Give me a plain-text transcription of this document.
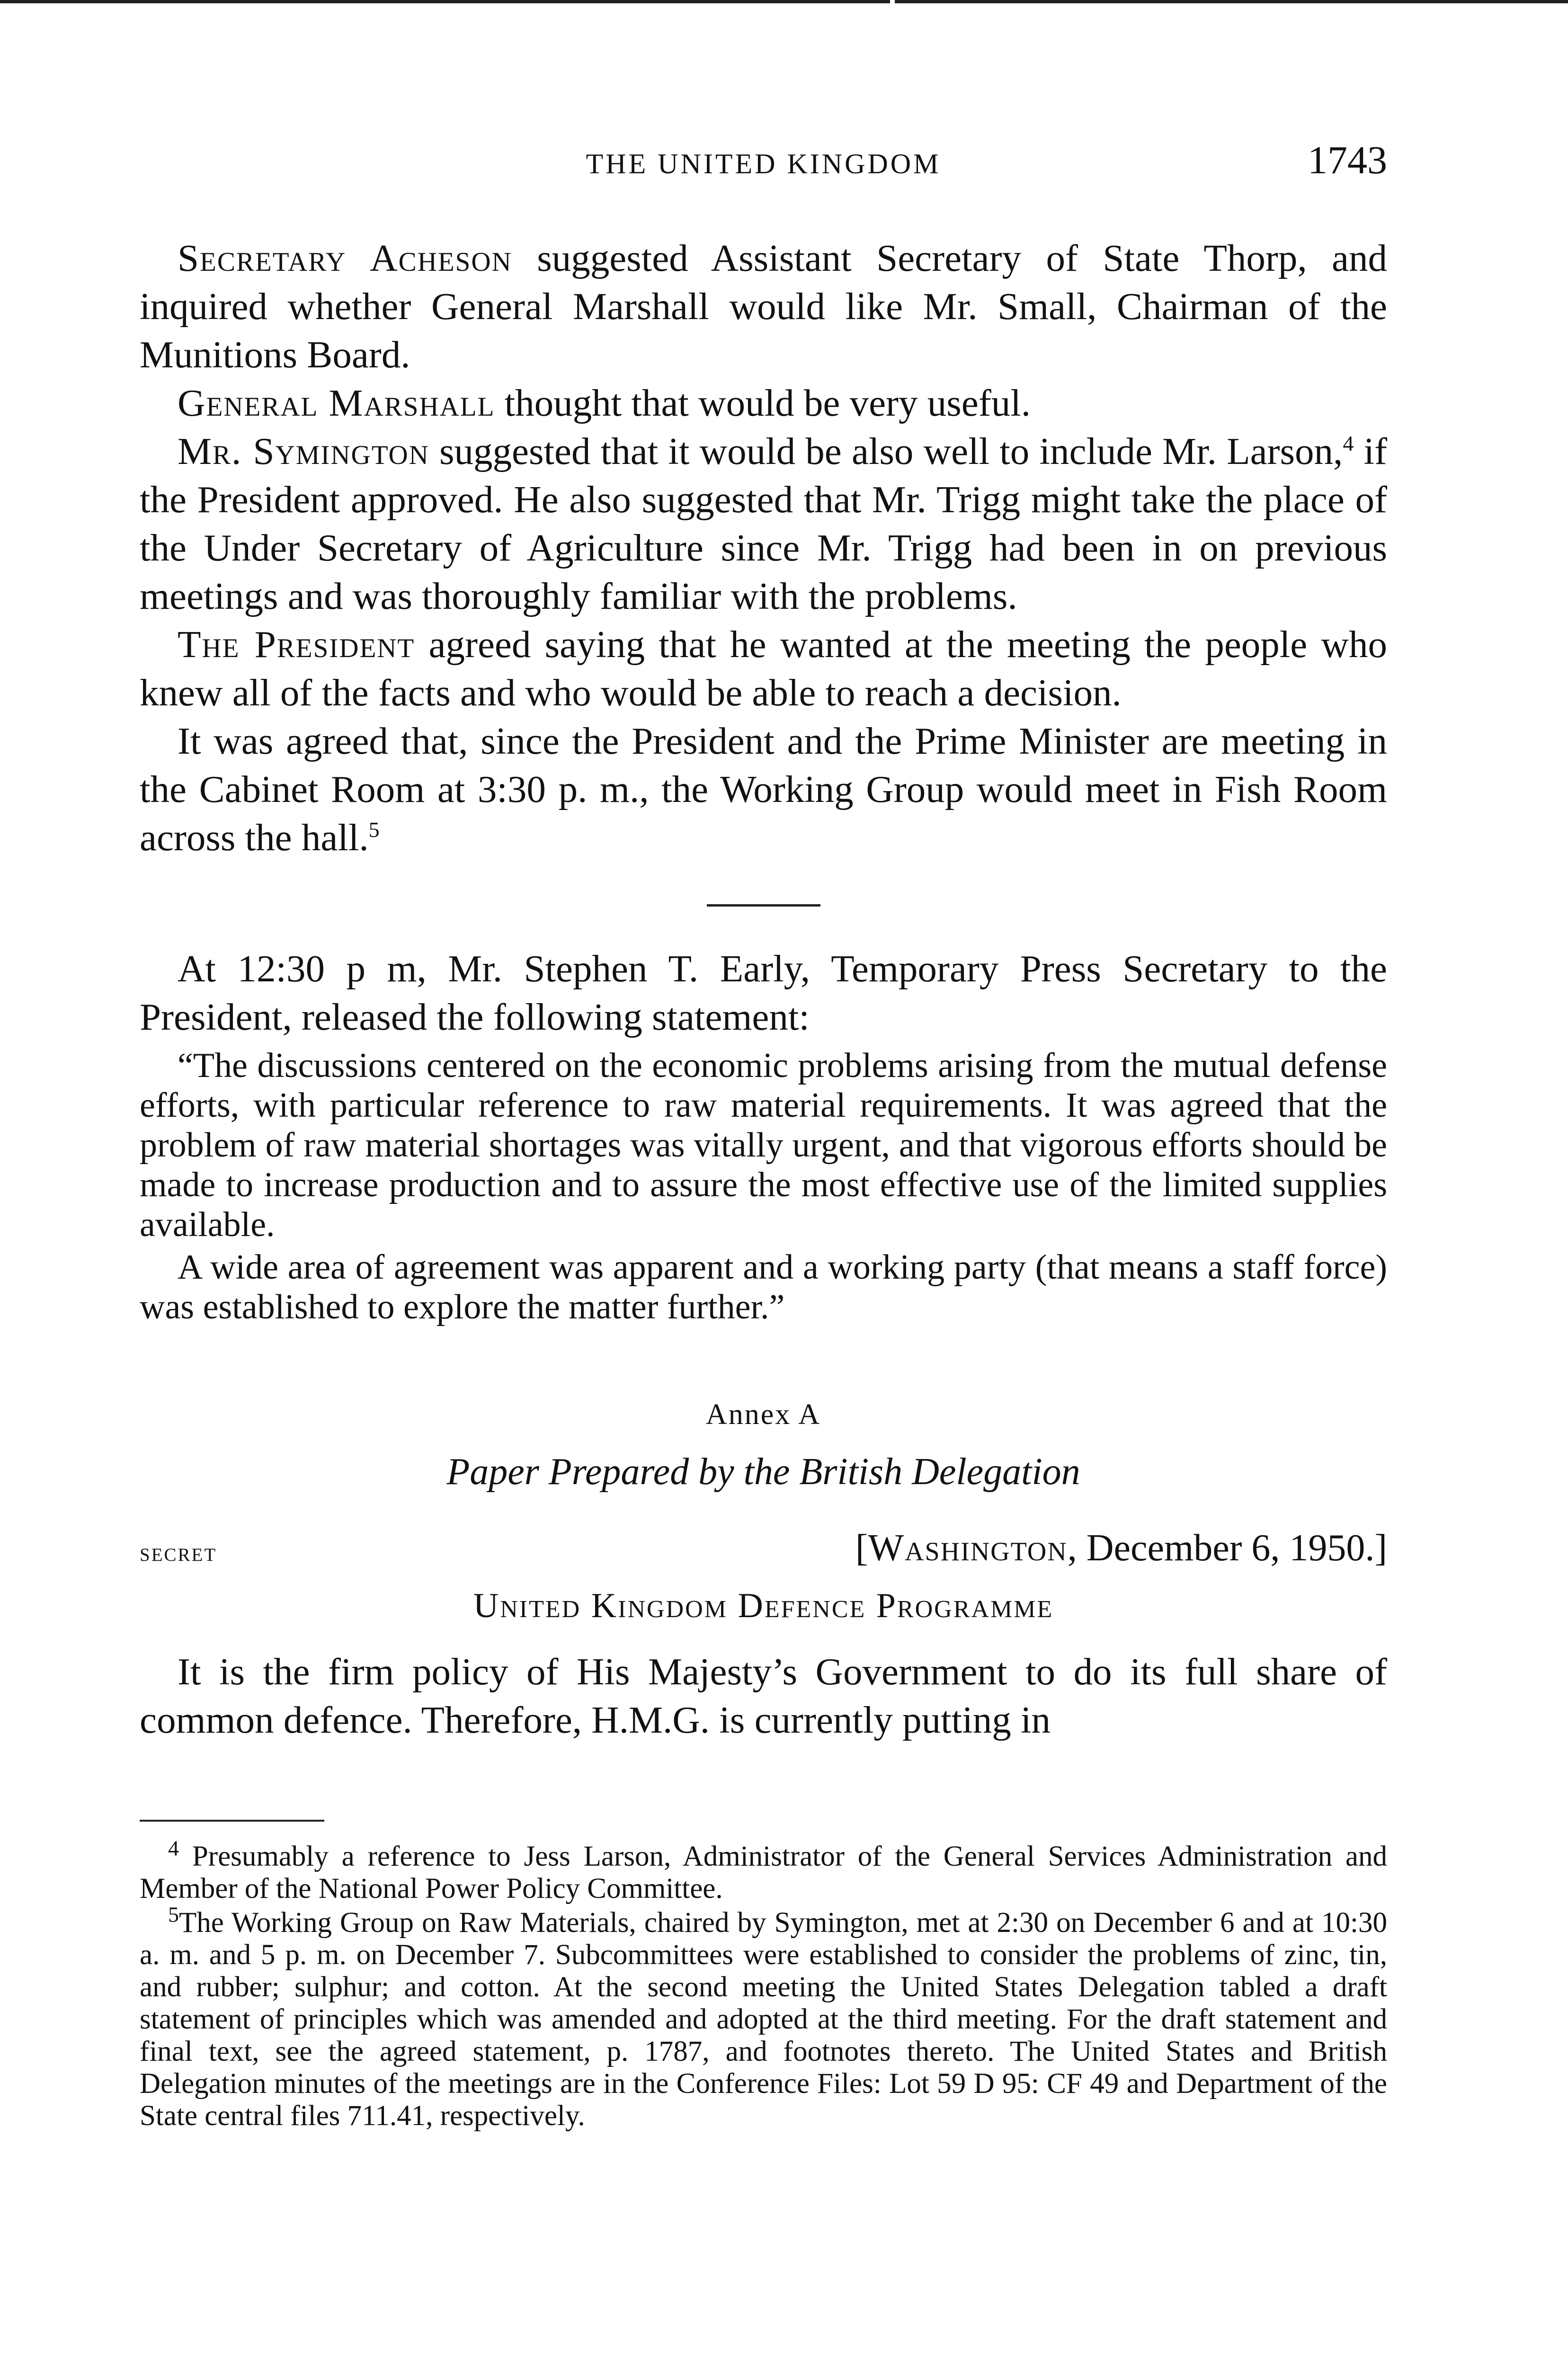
THE UNITED KINGDOM	1743

Secretary Acheson suggested Assistant Secretary of State Thorp, and inquired whether General Marshall would like Mr. Small, Chairman of the Munitions Board.

General Marshall thought that would be very useful.

Mr. Symington suggested that it would be also well to include Mr. Larson,$^4$ if the President approved. He also suggested that Mr. Trigg might take the place of the Under Secretary of Agriculture since Mr. Trigg had been in on previous meetings and was thoroughly familiar with the problems.

The President agreed saying that he wanted at the meeting the people who knew all of the facts and who would be able to reach a decision.

It was agreed that, since the President and the Prime Minister are meeting in the Cabinet Room at 3:30 p. m., the Working Group would meet in Fish Room across the hall.$^5$

At 12:30 p m, Mr. Stephen T. Early, Temporary Press Secretary to the President, released the following statement:

“The discussions centered on the economic problems arising from the mutual defense efforts, with particular reference to raw material requirements. It was agreed that the problem of raw material shortages was vitally urgent, and that vigorous efforts should be made to increase production and to assure the most effective use of the limited supplies available.

A wide area of agreement was apparent and a working party (that means a staff force) was established to explore the matter further.”

Annex A
Paper Prepared by the British Delegation
secret	[Washington, December 6, 1950.]
United Kingdom Defence Programme

It is the firm policy of His Majesty’s Government to do its full share of common defence. Therefore, H.M.G. is currently putting in

$^4$ Presumably a reference to Jess Larson, Administrator of the General Services Administration and Member of the National Power Policy Committee.

$^5$The Working Group on Raw Materials, chaired by Symington, met at 2:30 on December 6 and at 10:30 a. m. and 5 p. m. on December 7. Subcommittees were established to consider the problems of zinc, tin, and rubber; sulphur; and cotton. At the second meeting the United States Delegation tabled a draft statement of principles which was amended and adopted at the third meeting. For the draft statement and final text, see the agreed statement, p. 1787, and footnotes thereto. The United States and British Delegation minutes of the meetings are in the Conference Files: Lot 59 D 95: CF 49 and Department of the State central files 711.41, respectively.
